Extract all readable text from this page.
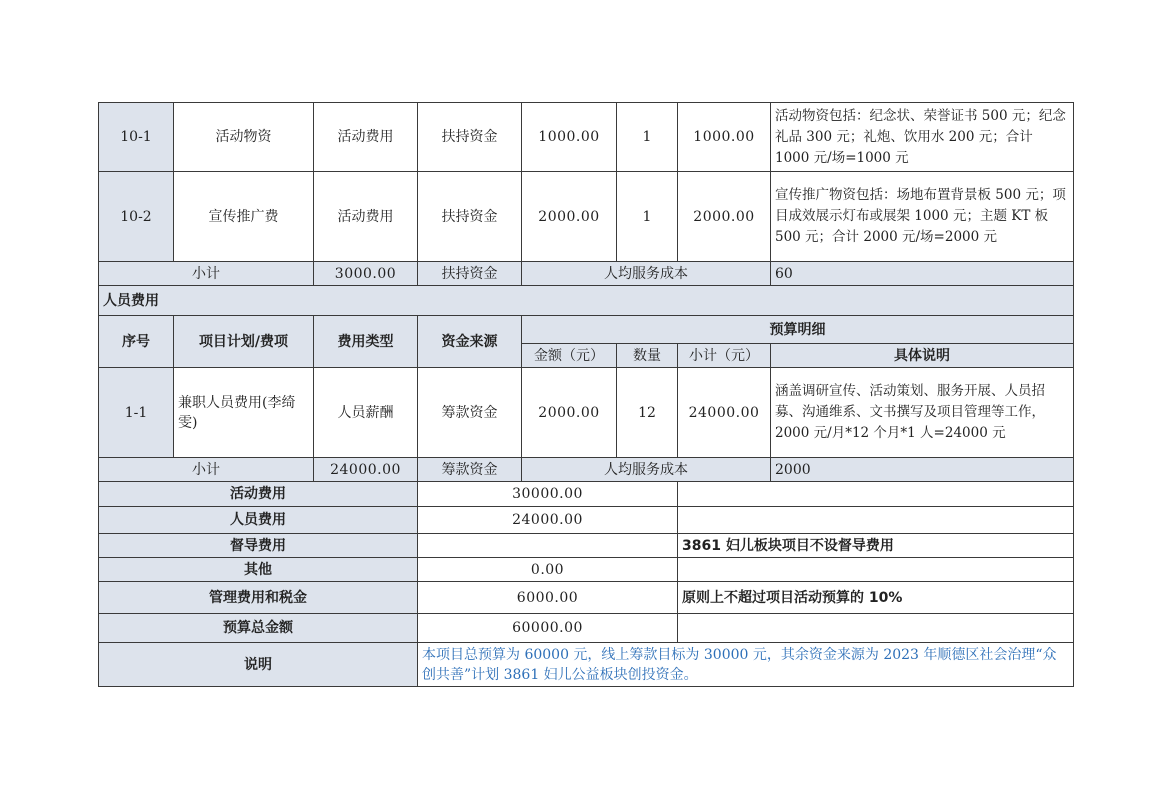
10-1	活动物资	活动费用	扶持资金	1000.00	1	1000.00	活动物资包括：纪念状、荣誉证书 500 元；纪念礼品 300 元；礼炮、饮用水 200 元；合计 1000 元/场=1000 元
10-2	宣传推广费	活动费用	扶持资金	2000.00	1	2000.00	宣传推广物资包括：场地布置背景板 500 元；项目成效展示灯布或展架 1000 元；主题 KT 板 500 元；合计 2000 元/场=2000 元
小计		3000.00	扶持资金	人均服务成本			60
人员费用							
序号	项目计划/费项	费用类型	资金来源	预算明细			
				金额（元）	数量	小计（元）	具体说明
1-1	兼职人员费用(李绮雯)	人员薪酬	筹款资金	2000.00	12	24000.00	涵盖调研宣传、活动策划、服务开展、人员招募、沟通维系、文书撰写及项目管理等工作，2000 元/月*12 个月*1 人=24000 元
小计		24000.00	筹款资金	人均服务成本			2000
活动费用			30000.00				
人员费用			24000.00				
督导费用						3861 妇儿板块项目不设督导费用	
其他			0.00				
管理费用和税金			6000.00			原则上不超过项目活动预算的 10%	
预算总金额			60000.00				
说明			本项目总预算为 60000 元，线上筹款目标为 30000 元，其余资金来源为 2023 年顺德区社会治理“众创共善”计划 3861 妇儿公益板块创投资金。				
